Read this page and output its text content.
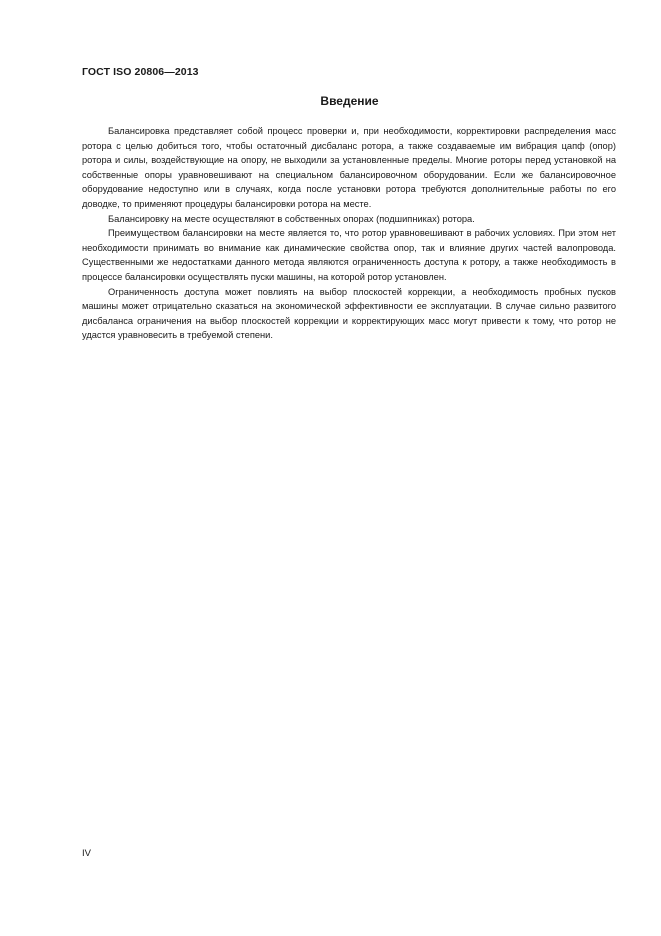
ГОСТ ISO 20806—2013
Введение

Балансировка представляет собой процесс проверки и, при необходимости, корректировки распределения масс ротора с целью добиться того, чтобы остаточный дисбаланс ротора, а также создаваемые им вибрация цапф (опор) ротора и силы, воздействующие на опору, не выходили за установленные пределы. Многие роторы перед установкой на собственные опоры уравновешивают на специальном балансировочном оборудовании. Если же балансировочное оборудование недоступно или в случаях, когда после установки ротора требуются дополнительные работы по его доводке, то применяют процедуры балансировки ротора на месте.

Балансировку на месте осуществляют в собственных опорах (подшипниках) ротора.

Преимуществом балансировки на месте является то, что ротор уравновешивают в рабочих условиях. При этом нет необходимости принимать во внимание как динамические свойства опор, так и влияние других частей валопровода. Существенными же недостатками данного метода являются ограниченность доступа к ротору, а также необходимость в процессе балансировки осуществлять пуски машины, на которой ротор установлен.

Ограниченность доступа может повлиять на выбор плоскостей коррекции, а необходимость пробных пусков машины может отрицательно сказаться на экономической эффективности ее эксплуатации. В случае сильно развитого дисбаланса ограничения на выбор плоскостей коррекции и корректирующих масс могут привести к тому, что ротор не удастся уравновесить в требуемой степени.

IV
